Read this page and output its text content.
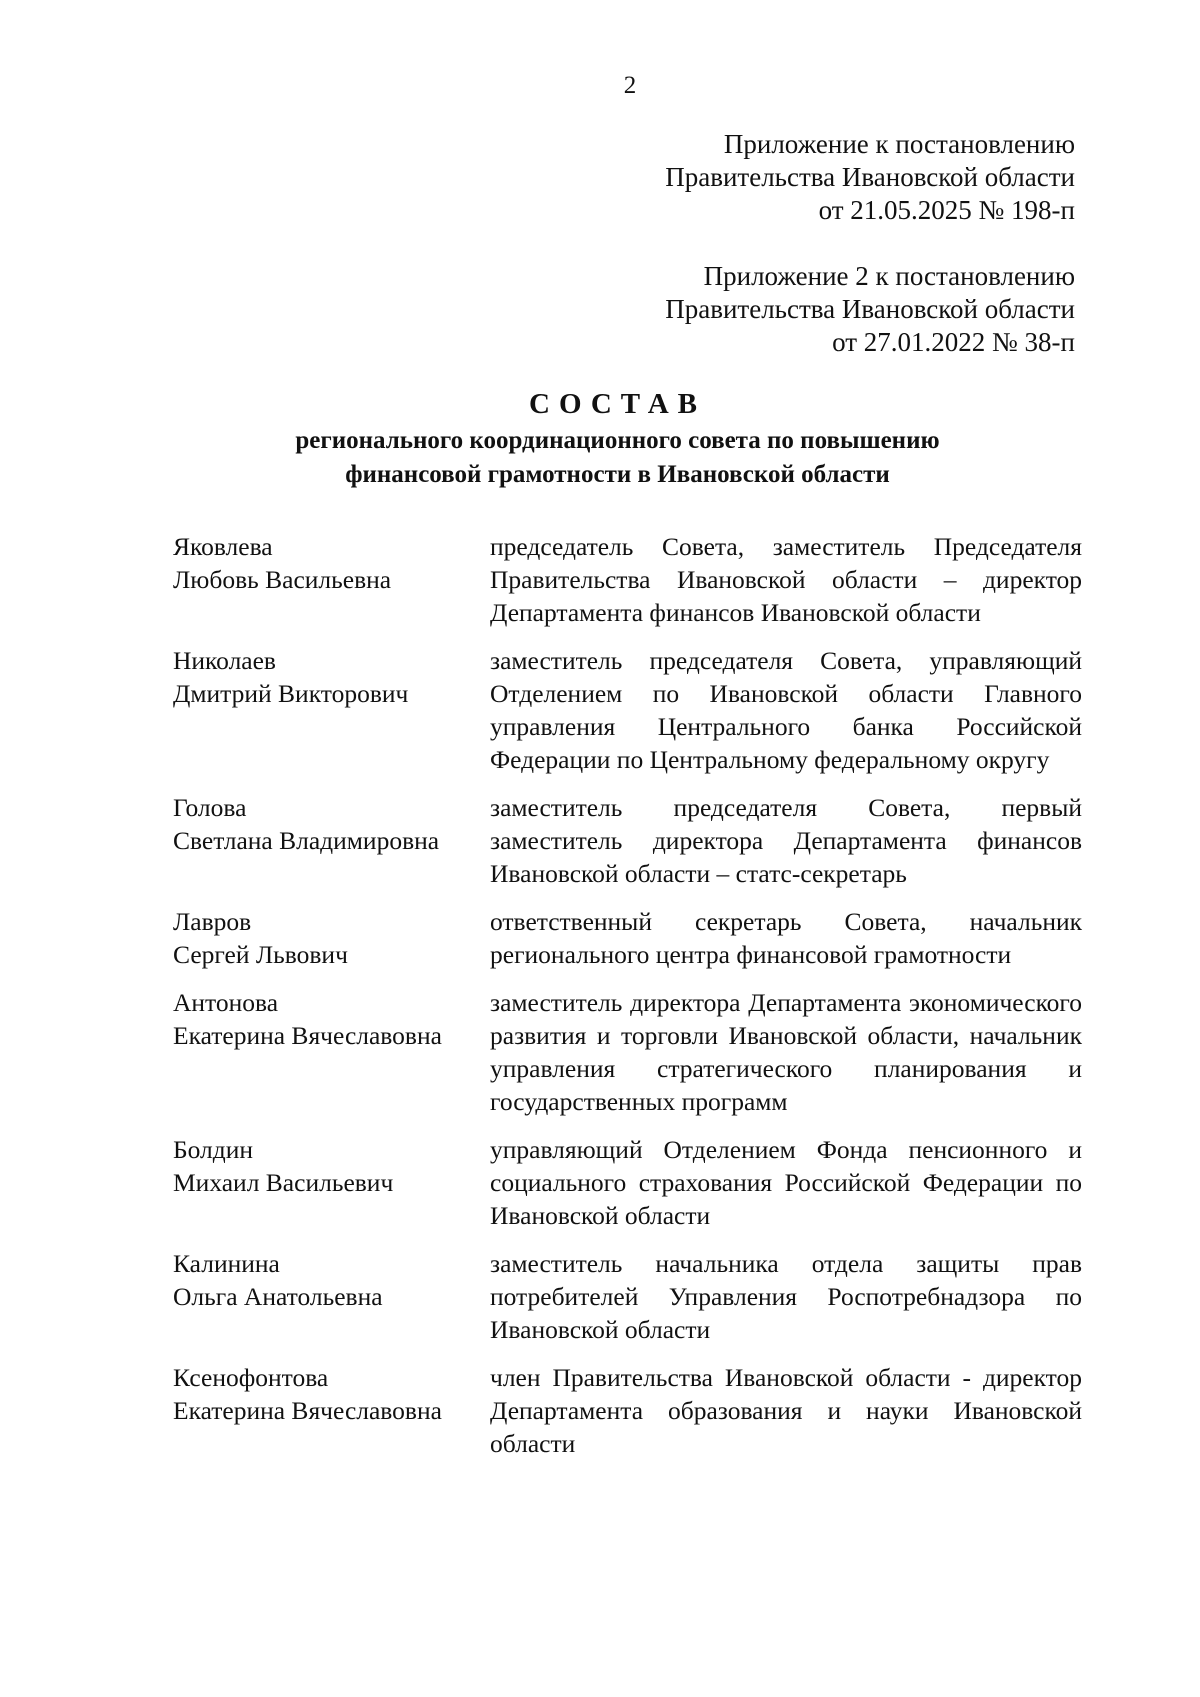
2
Приложение к постановлению
Правительства Ивановской области
от 21.05.2025 № 198-п
Приложение 2 к постановлению
Правительства Ивановской области
от 27.01.2022 № 38-п
СОСТАВ
регионального координационного совета по повышению
финансовой грамотности в Ивановской области
Яковлева
Любовь Васильевна
председатель Совета, заместитель Председателя Правительства Ивановской области – директор Департамента финансов Ивановской области
Николаев
Дмитрий Викторович
заместитель председателя Совета, управляющий Отделением по Ивановской области Главного управления Центрального банка Российской Федерации по Центральному федеральному округу
Голова
Светлана Владимировна
заместитель председателя Совета, первый заместитель директора Департамента финансов Ивановской области – статс-секретарь
Лавров
Сергей Львович
ответственный секретарь Совета, начальник регионального центра финансовой грамотности
Антонова
Екатерина Вячеславовна
заместитель директора Департамента экономического развития и торговли Ивановской области, начальник управления стратегического планирования и государственных программ
Болдин
Михаил Васильевич
управляющий Отделением Фонда пенсионного и социального страхования Российской Федерации по Ивановской области
Калинина
Ольга Анатольевна
заместитель начальника отдела защиты прав потребителей Управления Роспотребнадзора по Ивановской области
Ксенофонтова
Екатерина Вячеславовна
член Правительства Ивановской области - директор Департамента образования и науки Ивановской области
